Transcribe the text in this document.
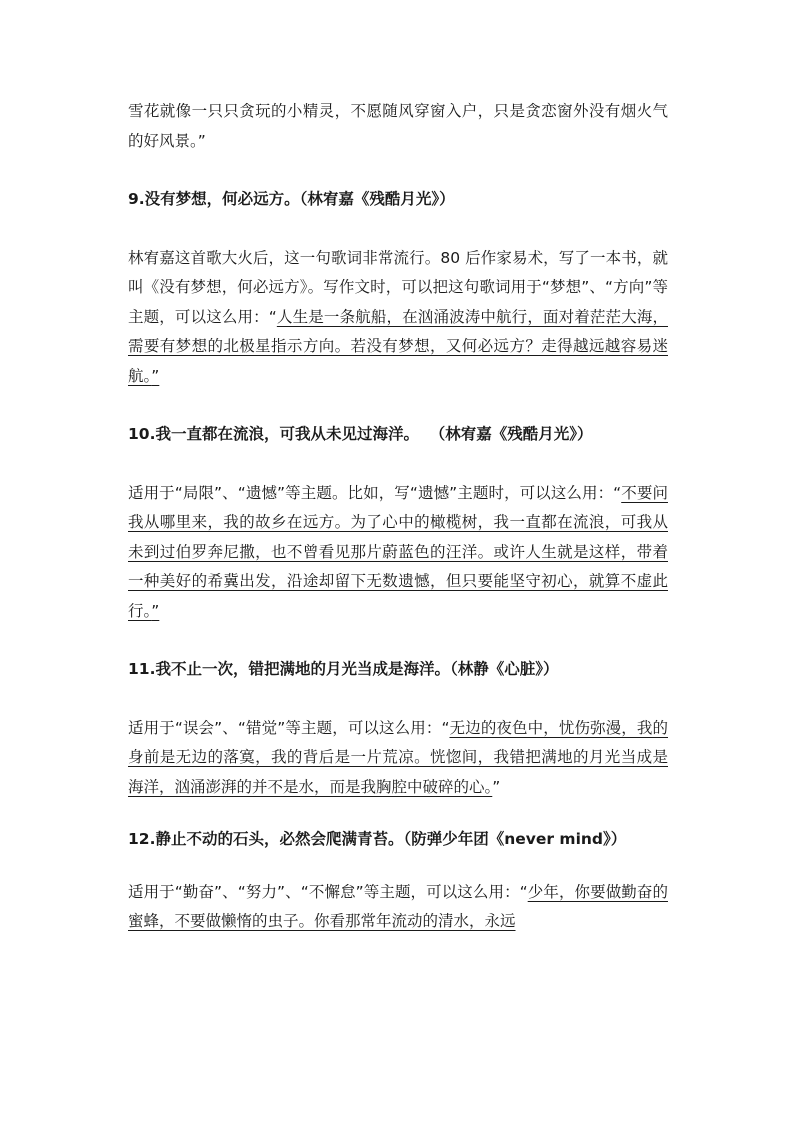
雪花就像一只只贪玩的小精灵，不愿随风穿窗入户，只是贪恋窗外没有烟火气的好风景。”

9.没有梦想，何必远方。（林宥嘉《残酷月光》）

林宥嘉这首歌大火后，这一句歌词非常流行。80 后作家易术，写了一本书，就叫《没有梦想，何必远方》。写作文时，可以把这句歌词用于“梦想”、“方向”等主题，可以这么用：“人生是一条航船，在汹涌波涛中航行，面对着茫茫大海，需要有梦想的北极星指示方向。若没有梦想，又何必远方？走得越远越容易迷航。”

10.我一直都在流浪，可我从未见过海洋。  （林宥嘉《残酷月光》）

适用于“局限”、“遗憾”等主题。比如，写“遗憾”主题时，可以这么用：“不要问我从哪里来，我的故乡在远方。为了心中的橄榄树，我一直都在流浪，可我从未到过伯罗奔尼撒，也不曾看见那片蔚蓝色的汪洋。或许人生就是这样，带着一种美好的希冀出发，沿途却留下无数遗憾，但只要能坚守初心，就算不虚此行。”

11.我不止一次，错把满地的月光当成是海洋。（林静《心脏》）

适用于“误会”、“错觉”等主题，可以这么用：“无边的夜色中，忧伤弥漫，我的身前是无边的落寞，我的背后是一片荒凉。恍惚间，我错把满地的月光当成是海洋，汹涌澎湃的并不是水，而是我胸腔中破碎的心。”

12.静止不动的石头，必然会爬满青苔。（防弹少年团《never mind》）

适用于“勤奋”、“努力”、“不懈怠”等主题，可以这么用：“少年，你要做勤奋的蜜蜂，不要做懒惰的虫子。你看那常年流动的清水，永远
